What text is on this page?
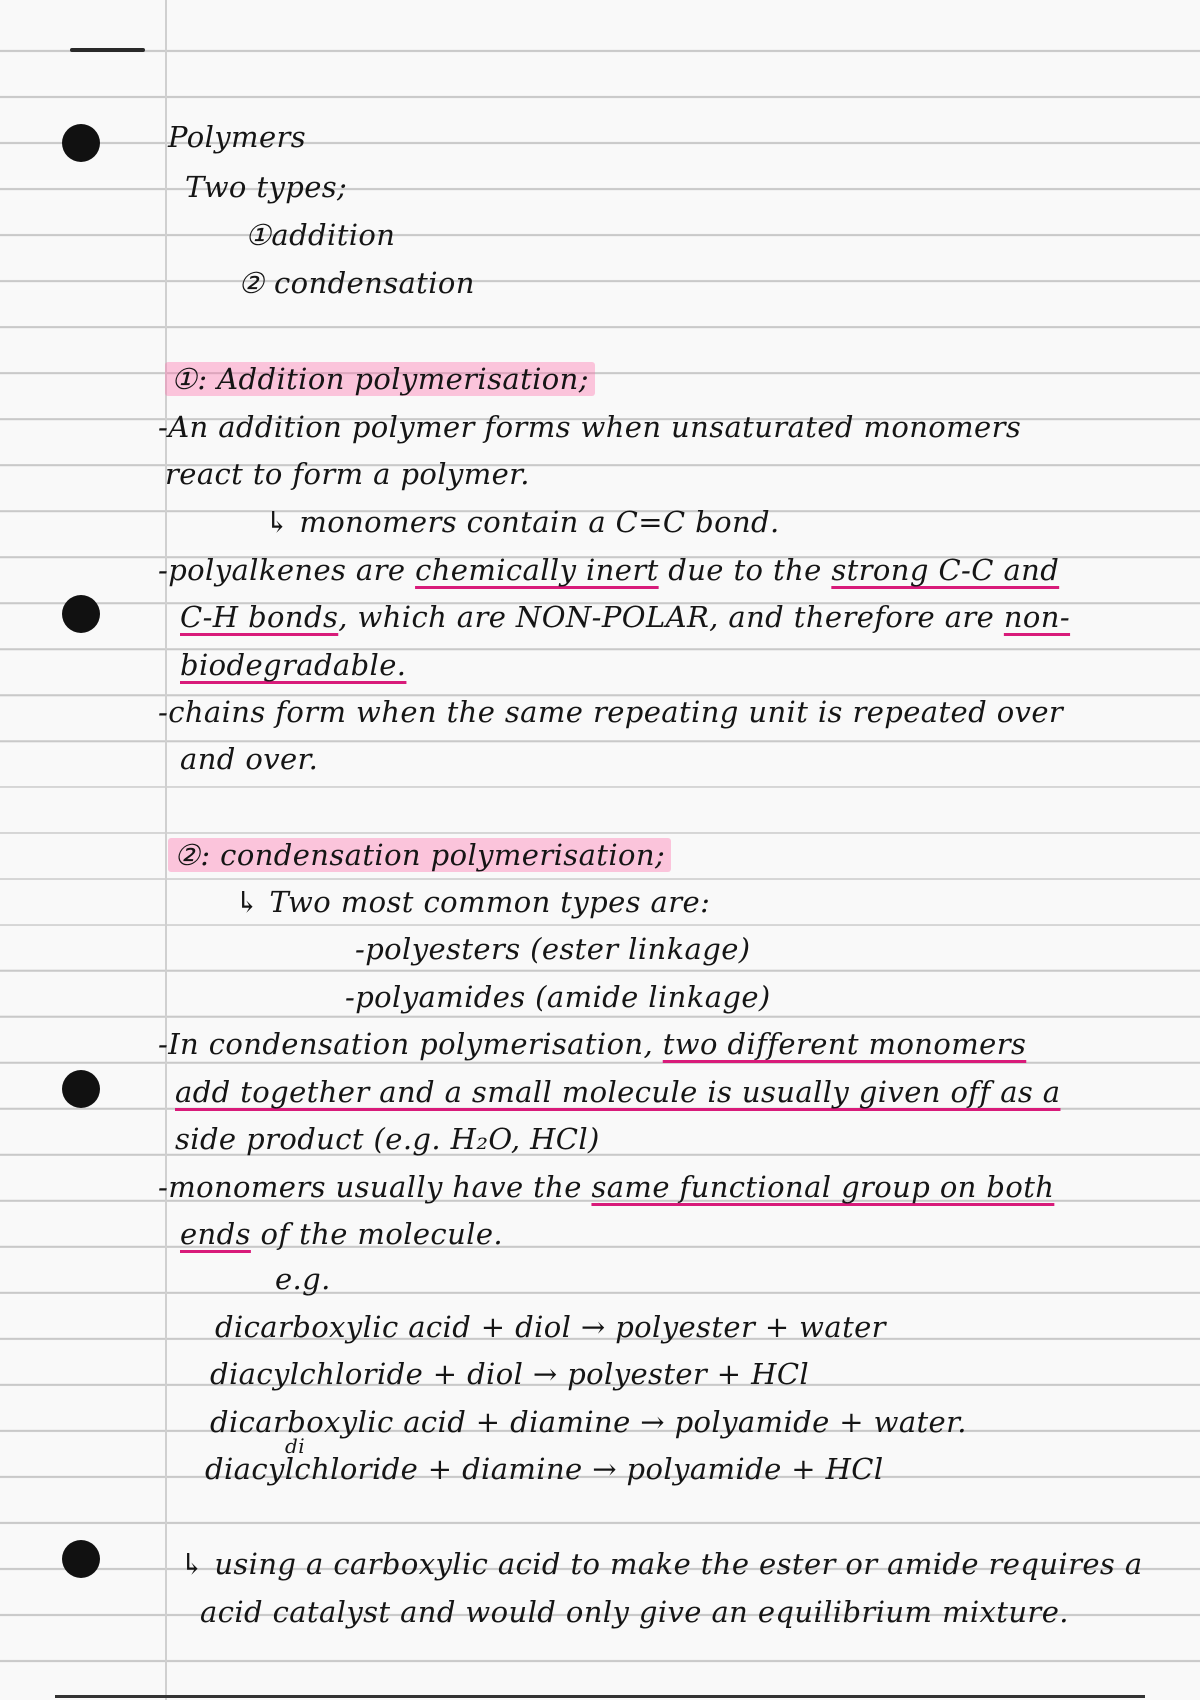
Polymers
Two types;
①addition
② condensation
①: Addition polymerisation;
-An addition polymer forms when unsaturated monomers
react to form a polymer.
↳ monomers contain a C=C bond.
-polyalkenes are chemically inert due to the strong C-C and
C-H bonds, which are NON-POLAR, and therefore are non-
biodegradable.
-chains form when the same repeating unit is repeated over
and over.
②: condensation polymerisation;
↳ Two most common types are:
-polyesters (ester linkage)
-polyamides (amide linkage)
-In condensation polymerisation, two different monomers
add together and a small molecule is usually given off as a
side product (e.g. H₂O, HCl)
-monomers usually have the same functional group on both
ends of the molecule.
e.g.
dicarboxylic acid + diol → polyester + water
diacylchloride + diol → polyester + HCl
dicarboxylic acid + diamine → polyamide + water.
di
diacylchloride + diamine → polyamide + HCl
↳ using a carboxylic acid to make the ester or amide requires a
acid catalyst and would only give an equilibrium mixture.
